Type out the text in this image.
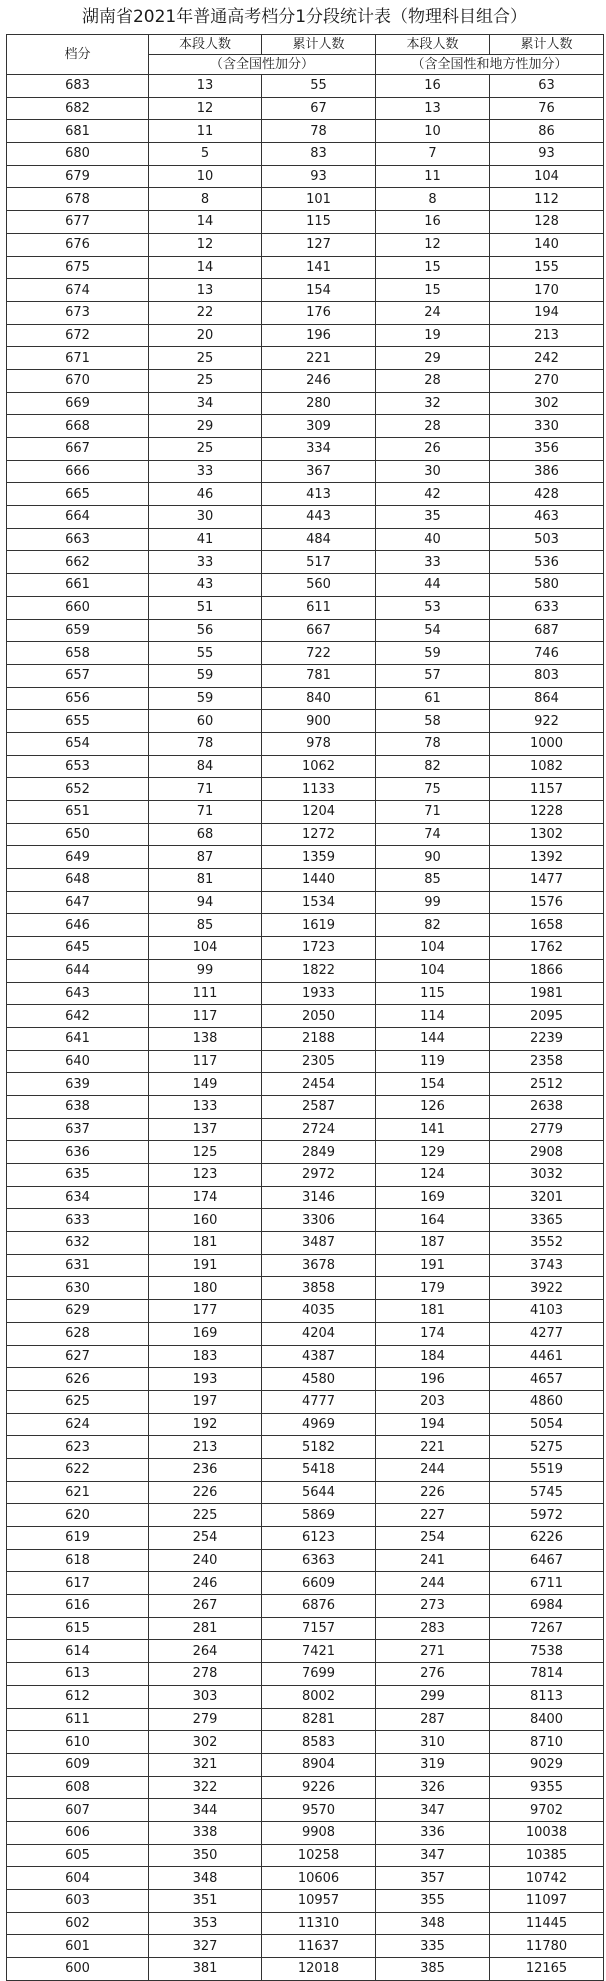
湖南省2021年普通高考档分1分段统计表（物理科目组合）
档分	本段人数	累计人数	本段人数	累计人数
	（含全国性加分）		（含全国性和地方性加分）	
683	13	55	16	63
682	12	67	13	76
681	11	78	10	86
680	5	83	7	93
679	10	93	11	104
678	8	101	8	112
677	14	115	16	128
676	12	127	12	140
675	14	141	15	155
674	13	154	15	170
673	22	176	24	194
672	20	196	19	213
671	25	221	29	242
670	25	246	28	270
669	34	280	32	302
668	29	309	28	330
667	25	334	26	356
666	33	367	30	386
665	46	413	42	428
664	30	443	35	463
663	41	484	40	503
662	33	517	33	536
661	43	560	44	580
660	51	611	53	633
659	56	667	54	687
658	55	722	59	746
657	59	781	57	803
656	59	840	61	864
655	60	900	58	922
654	78	978	78	1000
653	84	1062	82	1082
652	71	1133	75	1157
651	71	1204	71	1228
650	68	1272	74	1302
649	87	1359	90	1392
648	81	1440	85	1477
647	94	1534	99	1576
646	85	1619	82	1658
645	104	1723	104	1762
644	99	1822	104	1866
643	111	1933	115	1981
642	117	2050	114	2095
641	138	2188	144	2239
640	117	2305	119	2358
639	149	2454	154	2512
638	133	2587	126	2638
637	137	2724	141	2779
636	125	2849	129	2908
635	123	2972	124	3032
634	174	3146	169	3201
633	160	3306	164	3365
632	181	3487	187	3552
631	191	3678	191	3743
630	180	3858	179	3922
629	177	4035	181	4103
628	169	4204	174	4277
627	183	4387	184	4461
626	193	4580	196	4657
625	197	4777	203	4860
624	192	4969	194	5054
623	213	5182	221	5275
622	236	5418	244	5519
621	226	5644	226	5745
620	225	5869	227	5972
619	254	6123	254	6226
618	240	6363	241	6467
617	246	6609	244	6711
616	267	6876	273	6984
615	281	7157	283	7267
614	264	7421	271	7538
613	278	7699	276	7814
612	303	8002	299	8113
611	279	8281	287	8400
610	302	8583	310	8710
609	321	8904	319	9029
608	322	9226	326	9355
607	344	9570	347	9702
606	338	9908	336	10038
605	350	10258	347	10385
604	348	10606	357	10742
603	351	10957	355	11097
602	353	11310	348	11445
601	327	11637	335	11780
600	381	12018	385	12165
